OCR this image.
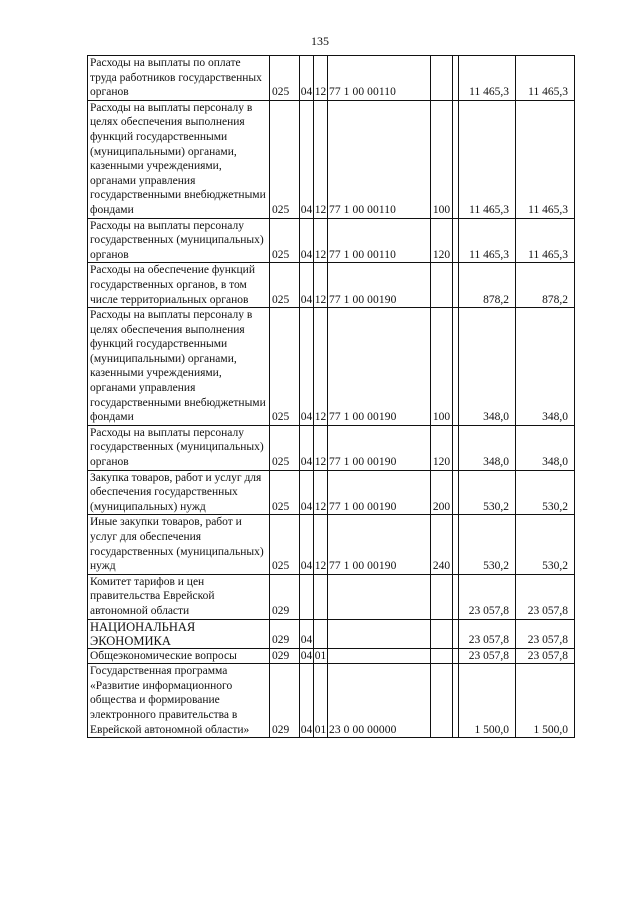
135
Расходы на выплаты по оплате труда работников государственных органов	025	04	12	77 1 00 00110			11 465,3	11 465,3
Расходы на выплаты персоналу в целях обеспечения выполнения функций государственными (муниципальными) органами, казенными учреждениями, органами управления государственными внебюджетными фондами	025	04	12	77 1 00 00110	100		11 465,3	11 465,3
Расходы на выплаты персоналу государственных (муниципальных) органов	025	04	12	77 1 00 00110	120		11 465,3	11 465,3
Расходы на обеспечение функций государственных органов, в том числе территориальных органов	025	04	12	77 1 00 00190			878,2	878,2
Расходы на выплаты персоналу в целях обеспечения выполнения функций государственными (муниципальными) органами, казенными учреждениями, органами управления государственными внебюджетными фондами	025	04	12	77 1 00 00190	100		348,0	348,0
Расходы на выплаты персоналу государственных (муниципальных) органов	025	04	12	77 1 00 00190	120		348,0	348,0
Закупка товаров, работ и услуг для обеспечения государственных (муниципальных) нужд	025	04	12	77 1 00 00190	200		530,2	530,2
Иные закупки товаров, работ и услуг для обеспечения государственных (муниципальных) нужд	025	04	12	77 1 00 00190	240		530,2	530,2
Комитет тарифов и цен правительства Еврейской автономной области	029						23 057,8	23 057,8
НАЦИОНАЛЬНАЯ ЭКОНОМИКА	029	04					23 057,8	23 057,8
Общеэкономические вопросы	029	04	01				23 057,8	23 057,8
Государственная программа «Развитие информационного общества и формирование электронного правительства в Еврейской автономной области»	029	04	01	23 0 00 00000			1 500,0	1 500,0
